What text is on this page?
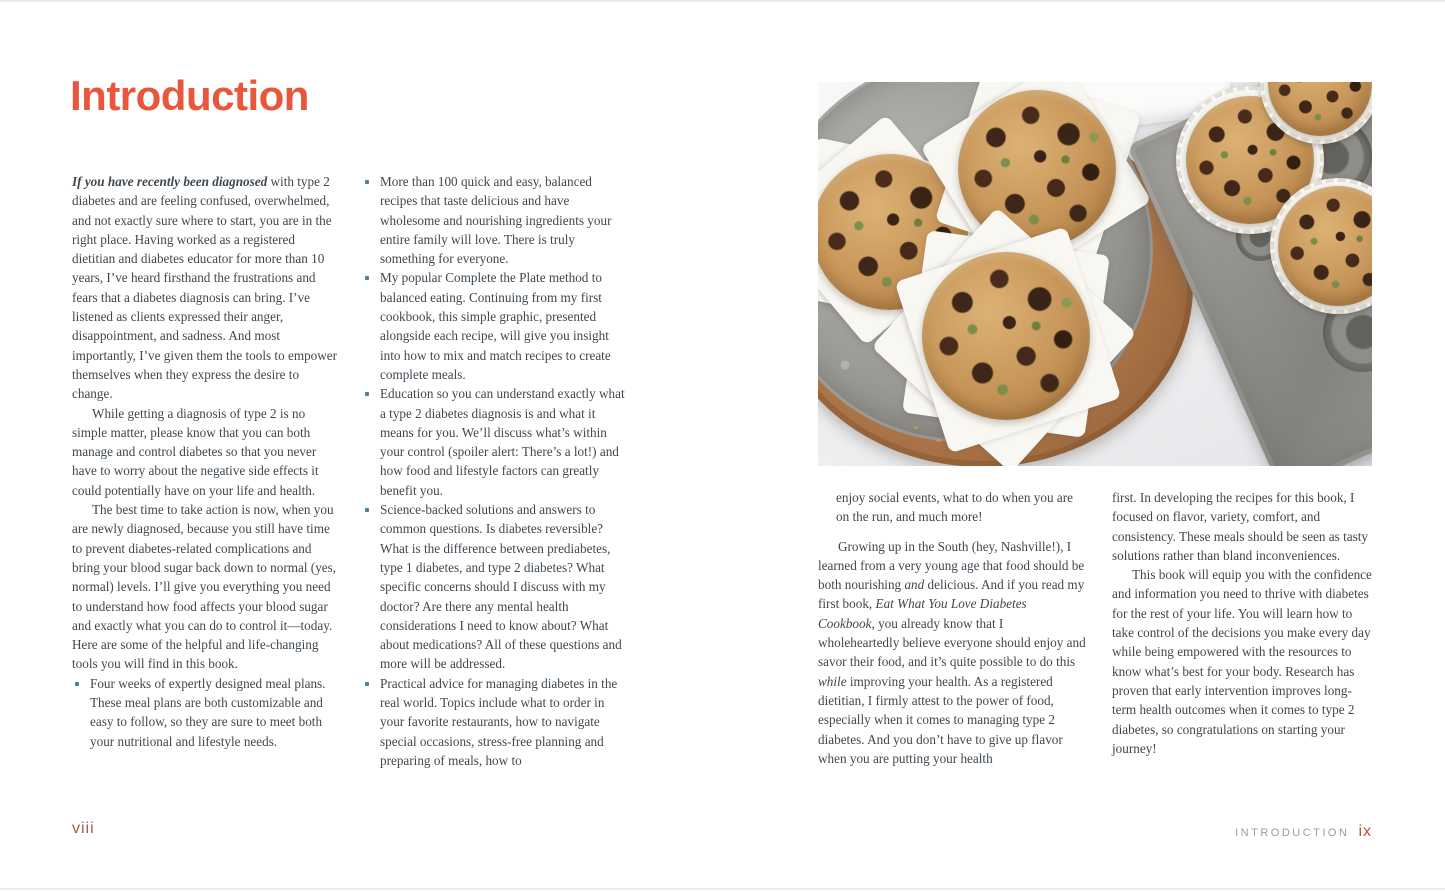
Introduction

If you have recently been diagnosed with type 2 diabetes and are feeling confused, overwhelmed, and not exactly sure where to start, you are in the right place. Having worked as a registered dietitian and diabetes educator for more than 10 years, I’ve heard firsthand the frustrations and fears that a diabetes diagnosis can bring. I’ve listened as clients expressed their anger, disappointment, and sadness. And most importantly, I’ve given them the tools to empower themselves when they express the desire to change.

While getting a diagnosis of type 2 is no simple matter, please know that you can both manage and control diabetes so that you never have to worry about the negative side effects it could potentially have on your life and health.

The best time to take action is now, when you are newly diagnosed, because you still have time to prevent diabetes-related complications and bring your blood sugar back down to normal (yes, normal) levels. I’ll give you everything you need to understand how food affects your blood sugar and exactly what you can do to control it—today. Here are some of the helpful and life-changing tools you will find in this book.

Four weeks of expertly designed meal plans. These meal plans are both customizable and easy to follow, so they are sure to meet both your nutritional and lifestyle needs.
More than 100 quick and easy, balanced recipes that taste delicious and have wholesome and nourishing ingredients your entire family will love. There is truly something for everyone.
My popular Complete the Plate method to balanced eating. Continuing from my first cookbook, this simple graphic, presented alongside each recipe, will give you insight into how to mix and match recipes to create complete meals.
Education so you can understand exactly what a type 2 diabetes diagnosis is and what it means for you. We’ll discuss what’s within your control (spoiler alert: There’s a lot!) and how food and lifestyle factors can greatly benefit you.
Science-backed solutions and answers to common questions. Is diabetes reversible? What is the difference between prediabetes, type 1 diabetes, and type 2 diabetes? What specific concerns should I discuss with my doctor? Are there any mental health considerations I need to know about? What about medications? All of these questions and more will be addressed.
Practical advice for managing diabetes in the real world. Topics include what to order in your favorite restaurants, how to navigate special occasions, stress-free planning and preparing of meals, how to
viii
enjoy social events, what to do when you are on the run, and much more!

Growing up in the South (hey, Nashville!), I learned from a very young age that food should be both nourishing and delicious. And if you read my first book, Eat What You Love Diabetes Cookbook, you already know that I wholeheartedly believe everyone should enjoy and savor their food, and it’s quite possible to do this while improving your health. As a registered dietitian, I firmly attest to the power of food, especially when it comes to managing type 2 diabetes. And you don’t have to give up flavor when you are putting your health

first. In developing the recipes for this book, I focused on flavor, variety, comfort, and consistency. These meals should be seen as tasty solutions rather than bland inconveniences.

This book will equip you with the confidence and information you need to thrive with diabetes for the rest of your life. You will learn how to take control of the decisions you make every day while being empowered with the resources to know what’s best for your body. Research has proven that early intervention improves long-term health outcomes when it comes to type 2 diabetes, so congratulations on starting your journey!

INTRODUCTION ix
